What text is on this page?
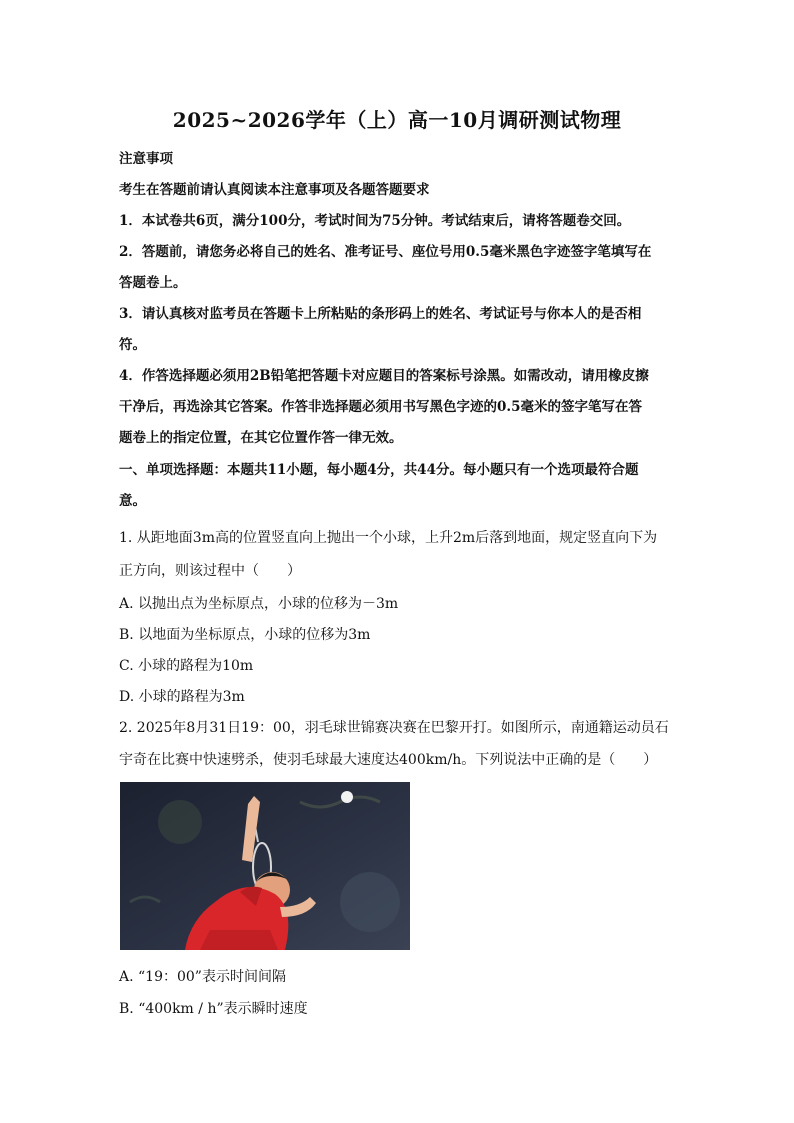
2025~2026学年（上）高一10月调研测试物理
注意事项
考生在答题前请认真阅读本注意事项及各题答题要求
1．本试卷共6页，满分100分，考试时间为75分钟。考试结束后，请将答题卷交回。
2．答题前，请您务必将自己的姓名、准考证号、座位号用0.5毫米黑色字迹签字笔填写在
答题卷上。
3．请认真核对监考员在答题卡上所粘贴的条形码上的姓名、考试证号与你本人的是否相
符。
4．作答选择题必须用2B铅笔把答题卡对应题目的答案标号涂黑。如需改动，请用橡皮擦
干净后，再选涂其它答案。作答非选择题必须用书写黑色字迹的0.5毫米的签字笔写在答
题卷上的指定位置，在其它位置作答一律无效。
一、单项选择题：本题共11小题，每小题4分，共44分。每小题只有一个选项最符合题
意。
1. 从距地面3m高的位置竖直向上抛出一个小球，上升2m后落到地面，规定竖直向下为
正方向，则该过程中（　　）
A. 以抛出点为坐标原点，小球的位移为－3m
B. 以地面为坐标原点，小球的位移为3m
C. 小球的路程为10m
D. 小球的路程为3m
2. 2025年8月31日19：00，羽毛球世锦赛决赛在巴黎开打。如图所示，南通籍运动员石
宇奇在比赛中快速劈杀，使羽毛球最大速度达400km/h。下列说法中正确的是（　　）
A. “19：00”表示时间间隔
B. “400km / h”表示瞬时速度
